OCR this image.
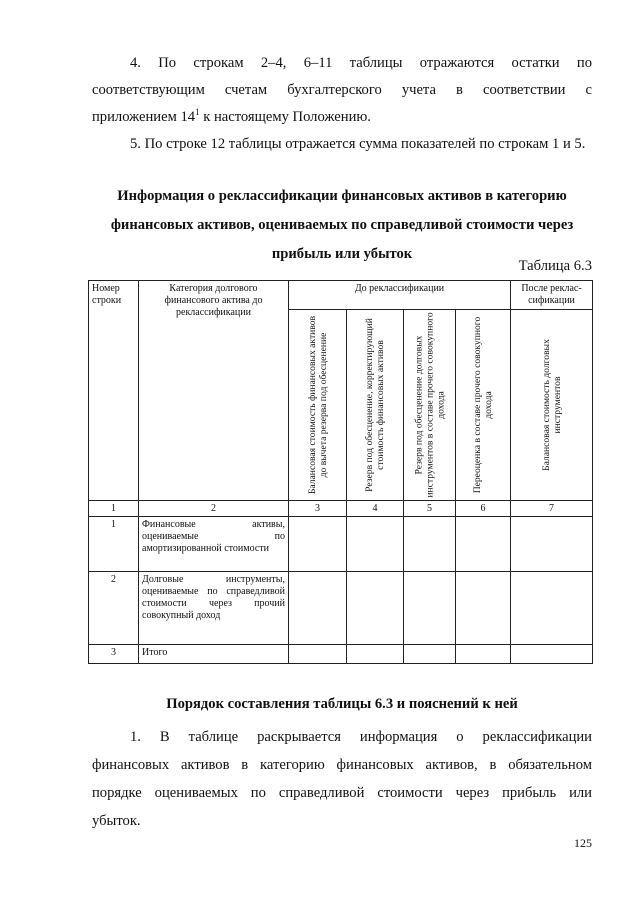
4. По строкам 2–4, 6–11 таблицы отражаются остатки по
соответствующим счетам бухгалтерского учета в соответствии с
приложением $14^1$ к настоящему Положению.
5. По строке 12 таблицы отражается сумма показателей по строкам 1 и 5.
Информация о реклассификации финансовых активов в категорию
финансовых активов, оцениваемых по справедливой стоимости через
прибыль или убыток
Таблица 6.3
Номер строки	Категория долгового финансового актива до реклассификации	До реклассификации				После реклас-сификации

		Балансовая стоимость финансовых активов до вычета резерва под обесценение	Резерв под обесценение, корректирующий стоимость финансовых активов	Резерв под обесценение долговых инструментов в составе прочего совокупного дохода	Переоценка в составе прочего совокупного дохода	Балансовая стоимость долговых инструментов

1	2	3	4	5	6	7
1	Финансовые активы, оцениваемые по амортизированной стоимости					
2	Долговые инструменты, оцениваемые по справедливой стоимости через прочий совокупный доход					
3	Итого					
Порядок составления таблицы 6.3 и пояснений к ней
1. В таблице раскрывается информация о реклассификации
финансовых активов в категорию финансовых активов, в обязательном
порядке оцениваемых по справедливой стоимости через прибыль или
убыток.
125
